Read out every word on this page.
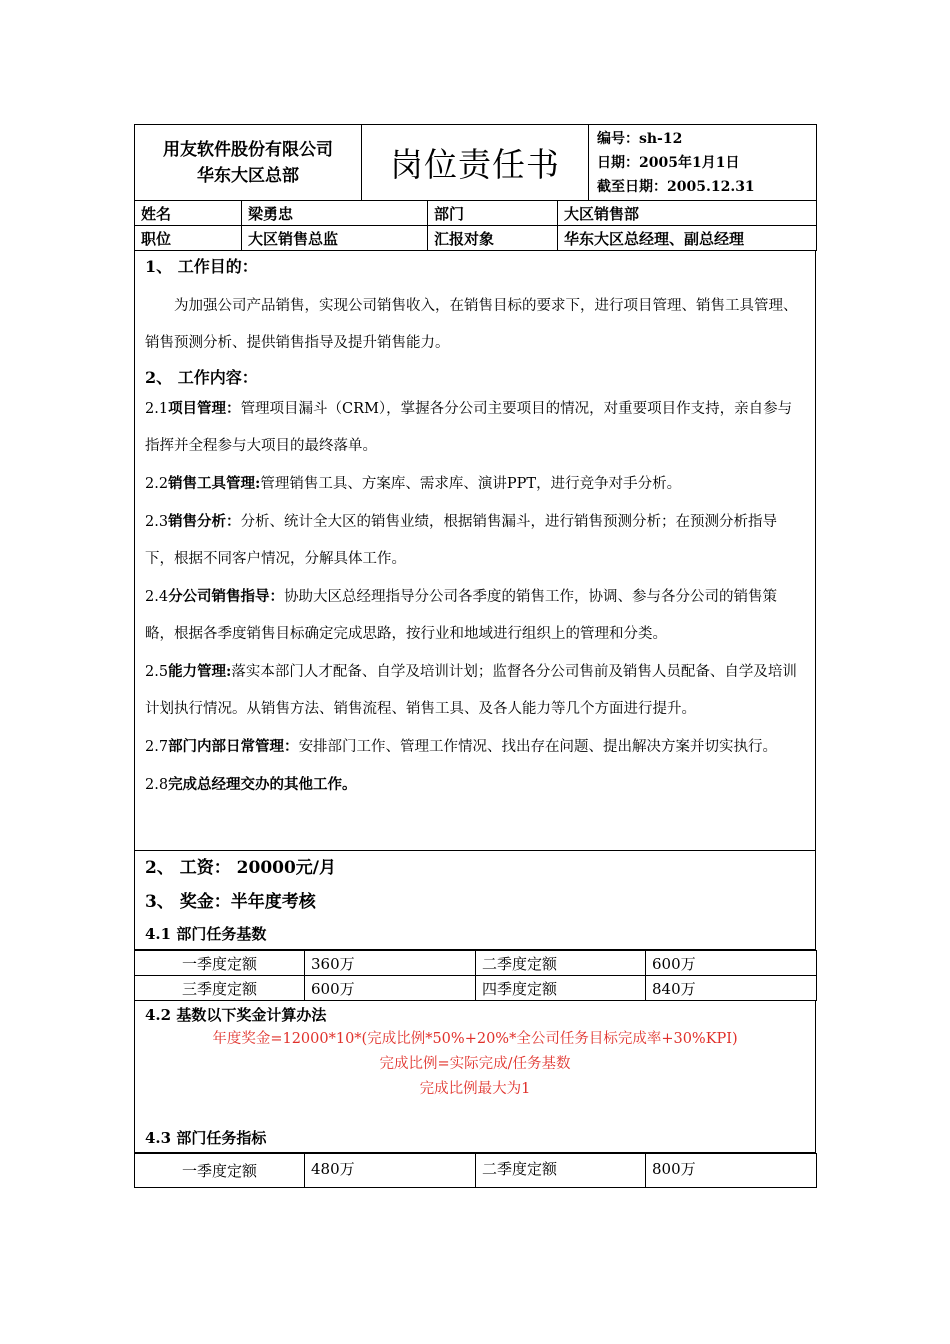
用友软件股份有限公司
华东大区总部	岗位责任书	
编号：sh-12
日期：2005年1月1日
截至日期：2005.12.31
姓名	梁勇忠	部门	大区销售部
职位	大区销售总监	汇报对象	华东大区总经理、副总经理

1、 工作目的：

为加强公司产品销售，实现公司销售收入，在销售目标的要求下，进行项目管理、销售工具管理、销售预测分析、提供销售指导及提升销售能力。

2、 工作内容：

2.1项目管理：管理项目漏斗（CRM），掌握各分公司主要项目的情况，对重要项目作支持，亲自参与指挥并全程参与大项目的最终落单。

2.2销售工具管理:管理销售工具、方案库、需求库、演讲PPT，进行竞争对手分析。

2.3销售分析：分析、统计全大区的销售业绩，根据销售漏斗，进行销售预测分析；在预测分析指导下，根据不同客户情况，分解具体工作。

2.4分公司销售指导：协助大区总经理指导分公司各季度的销售工作，协调、参与各分公司的销售策略，根据各季度销售目标确定完成思路，按行业和地域进行组织上的管理和分类。

2.5能力管理:落实本部门人才配备、自学及培训计划；监督各分公司售前及销售人员配备、自学及培训计划执行情况。从销售方法、销售流程、销售工具、及各人能力等几个方面进行提升。

2.7部门内部日常管理：安排部门工作、管理工作情况、找出存在问题、提出解决方案并切实执行。

2.8完成总经理交办的其他工作。

2、 工资： 20000元/月

3、 奖金：半年度考核

4.1 部门任务基数

一季度定额	360万	二季度定额	600万
三季度定额	600万	四季度定额	840万

4.2 基数以下奖金计算办法

年度奖金=12000*10*(完成比例*50%+20%*全公司任务目标完成率+30%KPI)

完成比例=实际完成/任务基数

完成比例最大为1

4.3 部门任务指标

一季度定额	480万	二季度定额	800万
